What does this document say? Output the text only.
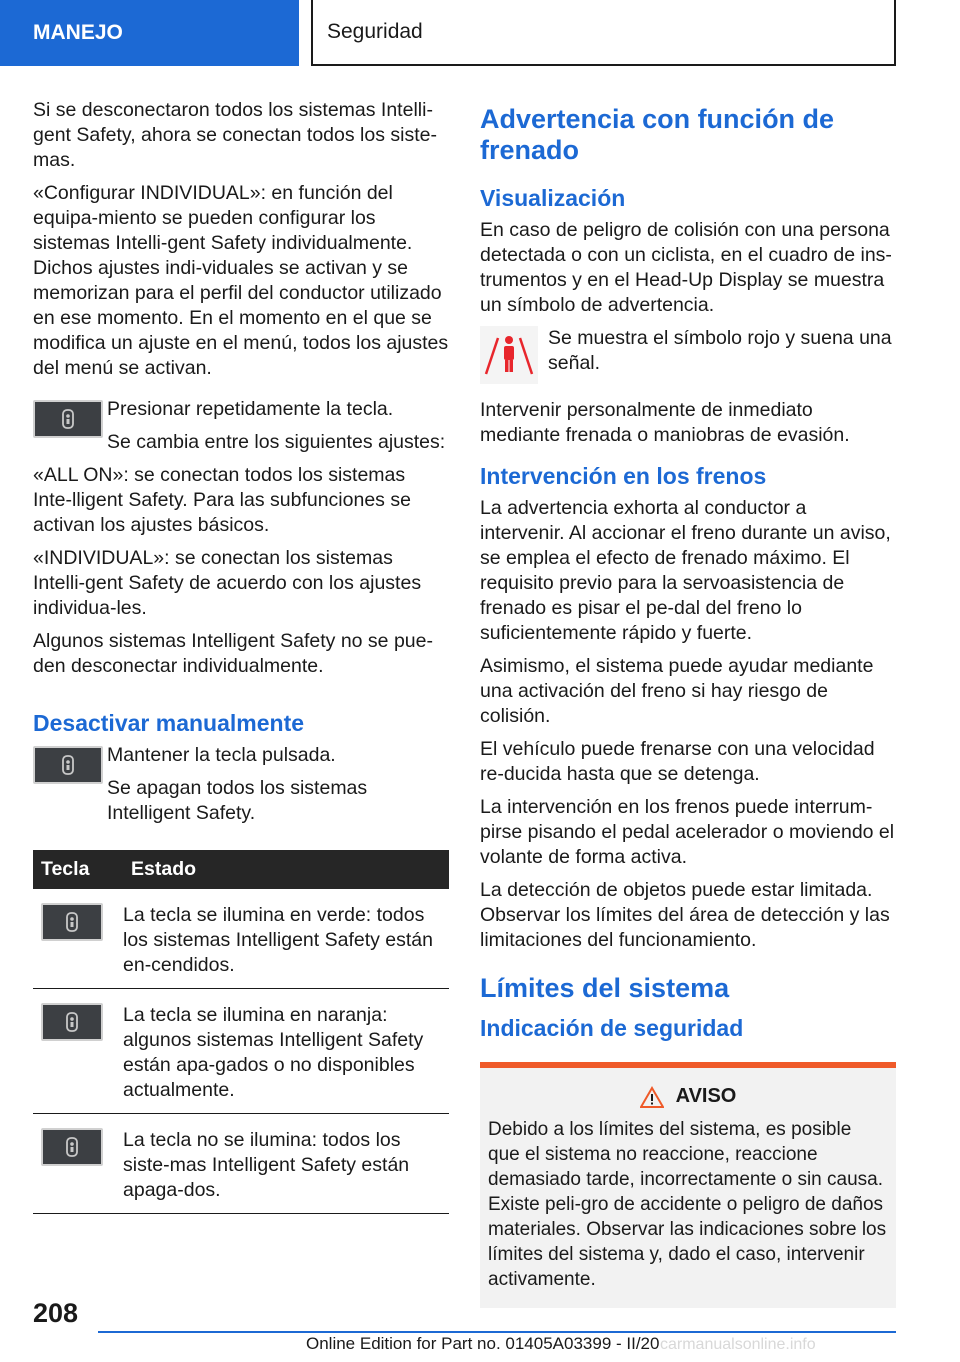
MANEJO	Seguridad

Si se desconectaron todos los sistemas Intelli-gent Safety, ahora se conectan todos los siste-mas.

«Configurar INDIVIDUAL»: en función del equipa-miento se pueden configurar los sistemas Intelli-gent Safety individualmente. Dichos ajustes indi-viduales se activan y se memorizan para el perfil del conductor utilizado en ese momento. En el momento en el que se modifica un ajuste en el menú, todos los ajustes del menú se activan.

Presionar repetidamente la tecla.

Se cambia entre los siguientes ajustes:

«ALL ON»: se conectan todos los sistemas Inte-lligent Safety. Para las subfunciones se activan los ajustes básicos.

«INDIVIDUAL»: se conectan los sistemas Intelli-gent Safety de acuerdo con los ajustes individua-les.

Algunos sistemas Intelligent Safety no se pue-den desconectar individualmente.

Desactivar manualmente

Mantener la tecla pulsada.

Se apagan todos los sistemas Intelligent Safety.

Tecla	Estado

	La tecla se ilumina en verde: todos los sistemas Intelligent Safety están en-cendidos.

	La tecla se ilumina en naranja: algunos sistemas Intelligent Safety están apa-gados o no disponibles actualmente.

	La tecla no se ilumina: todos los siste-mas Intelligent Safety están apaga-dos.
Advertencia con función de frenado
Visualización

En caso de peligro de colisión con una persona detectada o con un ciclista, en el cuadro de ins-trumentos y en el Head-Up Display se muestra un símbolo de advertencia.

Se muestra el símbolo rojo y suena una señal.

Intervenir personalmente de inmediato mediante frenada o maniobras de evasión.

Intervención en los frenos

La advertencia exhorta al conductor a intervenir. Al accionar el freno durante un aviso, se emplea el efecto de frenado máximo. El requisito previo para la servoasistencia de frenado es pisar el pe-dal del freno lo suficientemente rápido y fuerte.

Asimismo, el sistema puede ayudar mediante una activación del freno si hay riesgo de colisión.

El vehículo puede frenarse con una velocidad re-ducida hasta que se detenga.

La intervención en los frenos puede interrum-pirse pisando el pedal acelerador o moviendo el volante de forma activa.

La detección de objetos puede estar limitada. Observar los límites del área de detección y las limitaciones del funcionamiento.

Límites del sistema
Indicación de seguridad
AVISO
Debido a los límites del sistema, es posible que el sistema no reaccione, reaccione demasiado tarde, incorrectamente o sin causa. Existe peli-gro de accidente o peligro de daños materiales. Observar las indicaciones sobre los límites del sistema y, dado el caso, intervenir activamente.
208
Online Edition for Part no. 01405A03399 - II/20 carmanualsonline.info
